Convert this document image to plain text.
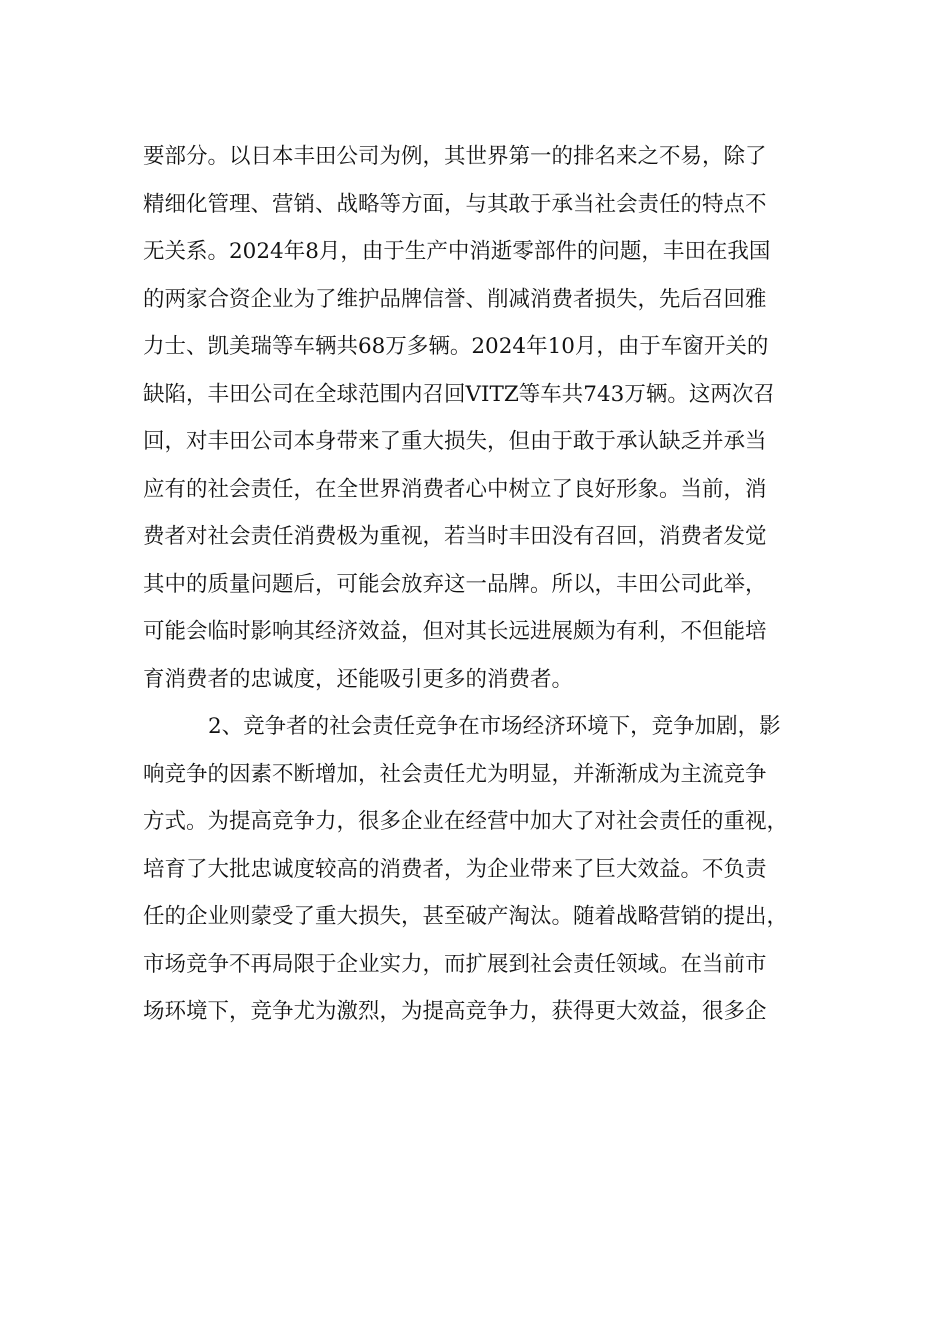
要部分。以日本丰田公司为例，其世界第一的排名来之不易，除了
精细化管理、营销、战略等方面，与其敢于承当社会责任的特点不
无关系。2024年8月，由于生产中消逝零部件的问题，丰田在我国
的两家合资企业为了维护品牌信誉、削减消费者损失，先后召回雅
力士、凯美瑞等车辆共68万多辆。2024年10月，由于车窗开关的
缺陷，丰田公司在全球范围内召回VITZ等车共743万辆。这两次召
回，对丰田公司本身带来了重大损失，但由于敢于承认缺乏并承当
应有的社会责任，在全世界消费者心中树立了良好形象。当前，消
费者对社会责任消费极为重视，若当时丰田没有召回，消费者发觉
其中的质量问题后，可能会放弃这一品牌。所以，丰田公司此举，
可能会临时影响其经济效益，但对其长远进展颇为有利，不但能培
育消费者的忠诚度，还能吸引更多的消费者。
2、竞争者的社会责任竞争在市场经济环境下，竞争加剧，影
响竞争的因素不断增加，社会责任尤为明显，并渐渐成为主流竞争
方式。为提高竞争力，很多企业在经营中加大了对社会责任的重视，
培育了大批忠诚度较高的消费者，为企业带来了巨大效益。不负责
任的企业则蒙受了重大损失，甚至破产淘汰。随着战略营销的提出，
市场竞争不再局限于企业实力，而扩展到社会责任领域。在当前市
场环境下，竞争尤为激烈，为提高竞争力，获得更大效益，很多企
